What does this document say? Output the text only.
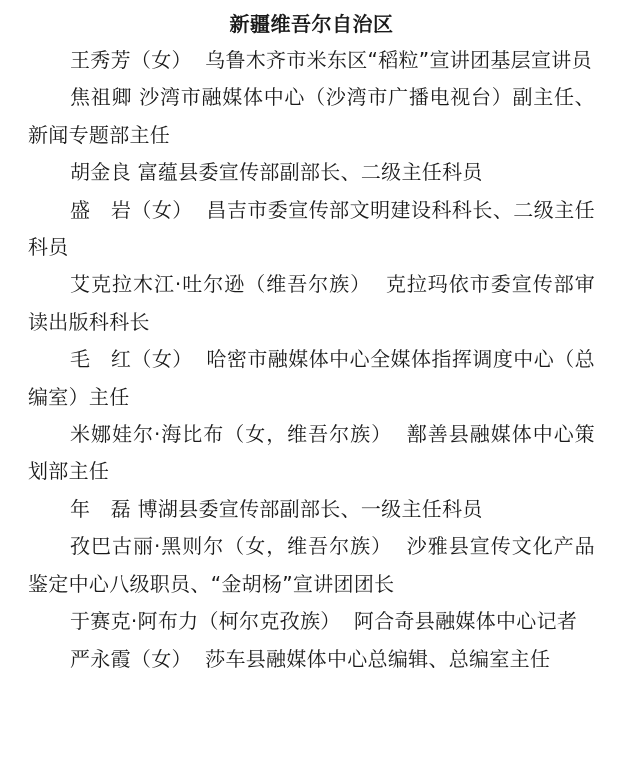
新疆维吾尔自治区

王秀芳（女） 乌鲁木齐市米东区“稻粒”宣讲团基层宣讲员

焦祖卿 沙湾市融媒体中心（沙湾市广播电视台）副主任、新闻专题部主任

胡金良 富蕴县委宣传部副部长、二级主任科员

盛　岩（女） 昌吉市委宣传部文明建设科科长、二级主任科员

艾克拉木江·吐尔逊（维吾尔族） 克拉玛依市委宣传部审读出版科科长

毛　红（女） 哈密市融媒体中心全媒体指挥调度中心（总编室）主任

米娜娃尔·海比布（女，维吾尔族） 鄯善县融媒体中心策划部主任

年　磊 博湖县委宣传部副部长、一级主任科员

孜巴古丽·黑则尔（女，维吾尔族） 沙雅县宣传文化产品鉴定中心八级职员、“金胡杨”宣讲团团长

于赛克·阿布力（柯尔克孜族） 阿合奇县融媒体中心记者

严永霞（女） 莎车县融媒体中心总编辑、总编室主任
